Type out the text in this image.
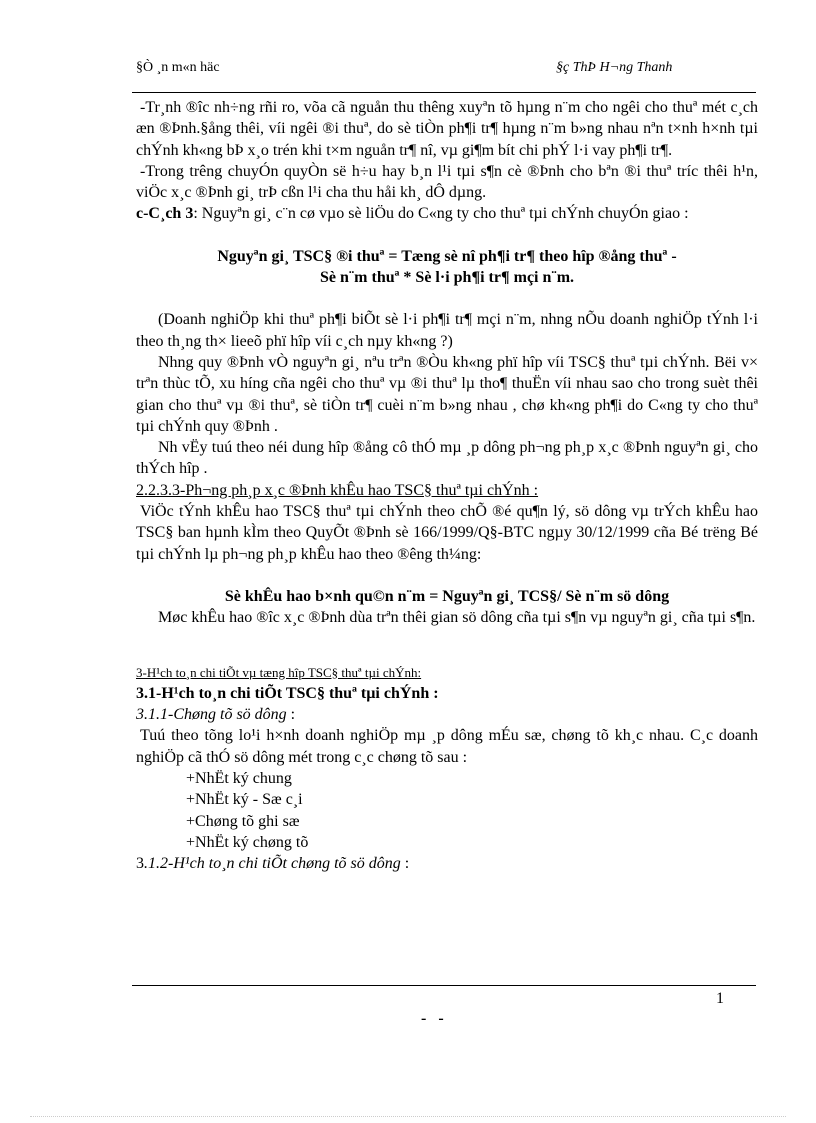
§Ò ¸n m«n häc	§ç ThÞ H¬ng Thanh

-Tr¸nh ®îc nh÷ng rñi ro, võa cã nguån thu thêng xuyªn tõ hµng n¨m cho ngêi cho thuª mét c¸ch æn ®Þnh.§ång thêi, víi ngêi ®i thuª, do sè tiÒn ph¶i tr¶ hµng n¨m b»ng nhau nªn t×nh h×nh tµi chÝnh kh«ng bÞ x¸o trén khi t×m nguån tr¶ nî, vµ gi¶m bít chi phÝ l·i vay ph¶i tr¶.

-Trong trêng chuyÓn quyÒn së h÷u hay b¸n l¹i tµi s¶n cè ®Þnh cho bªn ®i thuª tríc thêi h¹n, viÖc x¸c ®Þnh gi¸ trÞ cßn l¹i cha thu håi kh¸ dÔ dµng.

c-C¸ch 3: Nguyªn gi¸ c¨n cø vµo sè liÖu do C«ng ty cho thuª tµi chÝnh chuyÓn giao :

Nguyªn gi¸ TSC§ ®i thuª = Tæng sè nî ph¶i tr¶ theo hîp ®ång thuª -

Sè n¨m thuª * Sè l·i ph¶i tr¶ mçi n¨m.

(Doanh nghiÖp khi thuª ph¶i biÕt sè l·i ph¶i tr¶ mçi n¨m, nhng nÕu doanh nghiÖp tÝnh l·i theo th¸ng th× lieeõ phï hîp víi c¸ch nµy kh«ng ?)

Nhng quy ®Þnh vÒ nguyªn gi¸ nªu trªn ®Òu kh«ng phï hîp víi TSC§ thuª tµi chÝnh. Bëi v× trªn thùc tÕ, xu híng cña ngêi cho thuª vµ ®i thuª lµ tho¶ thuËn víi nhau sao cho trong suèt thêi gian cho thuª vµ ®i thuª, sè tiÒn tr¶ cuèi n¨m b»ng nhau , chø kh«ng ph¶i do C«ng ty cho thuª tµi chÝnh quy ®Þnh .

Nh vËy tuú theo néi dung hîp ®ång cô thÓ mµ ¸p dông ph¬ng ph¸p x¸c ®Þnh nguyªn gi¸ cho thÝch hîp .

2.2.3.3-Ph¬ng ph¸p x¸c ®Þnh khÊu hao TSC§ thuª tµi chÝnh :

ViÖc tÝnh khÊu hao TSC§ thuª tµi chÝnh theo chÕ ®é qu¶n lý, sö dông vµ trÝch khÊu hao TSC§ ban hµnh kÌm theo QuyÕt ®Þnh sè 166/1999/Q§-BTC ngµy 30/12/1999 cña Bé trëng Bé tµi chÝnh lµ ph¬ng ph¸p khÊu hao theo ®êng th¼ng:

Sè khÊu hao b×nh qu©n n¨m = Nguyªn gi¸ TCS§/ Sè n¨m sö dông

Møc khÊu hao ®îc x¸c ®Þnh dùa trªn thêi gian sö dông cña tµi s¶n vµ nguyªn gi¸ cña tµi s¶n.

3-H¹ch to¸n chi tiÕt vµ tæng hîp TSC§ thuª tµi chÝnh:

3.1-H¹ch to¸n chi tiÕt TSC§ thuª tµi chÝnh :

3.1.1-Chøng tõ sö dông :

Tuú theo tõng lo¹i h×nh doanh nghiÖp mµ ¸p dông mÉu sæ, chøng tõ kh¸c nhau. C¸c doanh nghiÖp cã thÓ sö dông mét trong c¸c chøng tõ sau :

+NhËt ký chung

+NhËt ký - Sæ c¸i

+Chøng tõ ghi sæ

+NhËt ký chøng tõ

3.1.2-H¹ch to¸n chi tiÕt chøng tõ sö dông :

1
- -
